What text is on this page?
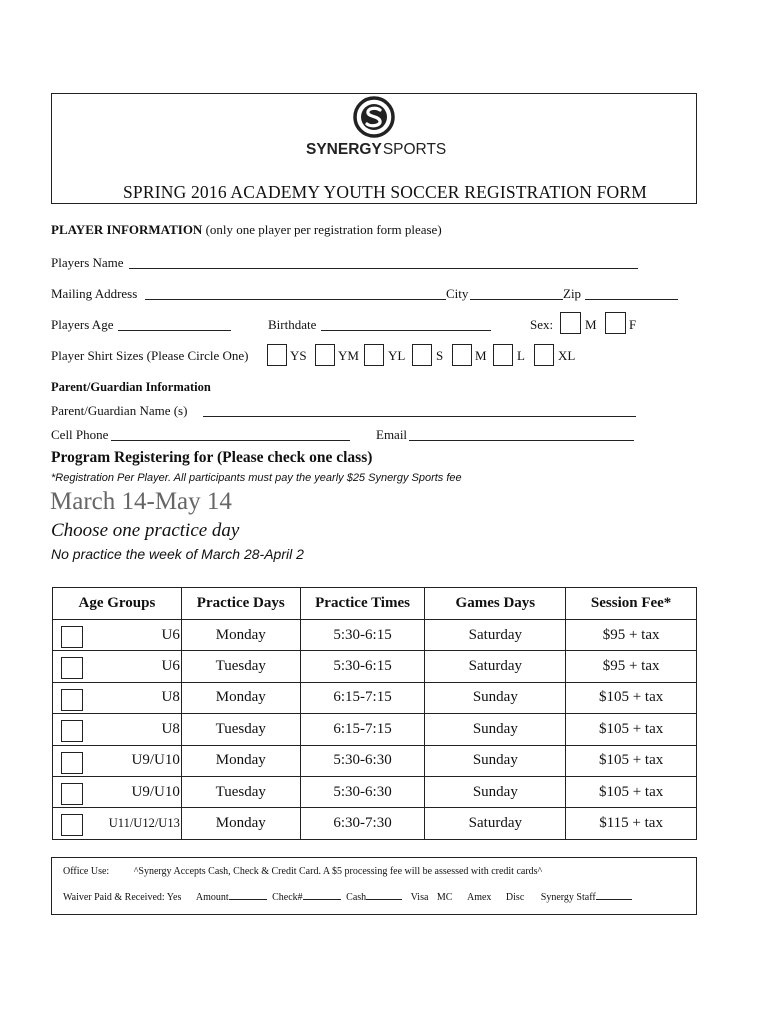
SYNERGYSPORTS
SPRING 2016 ACADEMY YOUTH SOCCER REGISTRATION FORM
PLAYER INFORMATION (only one player per registration form please)
Players Name
Mailing Address	City	Zip
Players Age	Birthdate	Sex: M F
Player Shirt Sizes (Please Circle One)	YS YM YL S M L	XL
Parent/Guardian Information
Parent/Guardian Name (s)
Cell Phone	Email
Program Registering for (Please check one class)
*Registration Per Player. All participants must pay the yearly $25 Synergy Sports fee
March 14-May 14
Choose one practice day
No practice the week of March 28-April 2
Age Groups	Practice Days	Practice Times	Games Days	Session Fee*

U6	Monday	5:30-6:15	Saturday	$95 + tax

U6	Tuesday	5:30-6:15	Saturday	$95 + tax

U8	Monday	6:15-7:15	Sunday	$105 + tax

U8	Tuesday	6:15-7:15	Sunday	$105 + tax

U9/U10	Monday	5:30-6:30	Sunday	$105 + tax

U9/U10	Tuesday	5:30-6:30	Sunday	$105 + tax

U11/U12/U13	Monday	6:30-7:30	Saturday	$115 + tax
Office Use: ^Synergy Accepts Cash, Check & Credit Card. A $5 processing fee will be assessed with credit cards^
Waiver Paid & Received: Yes Amount	Check#	Cash	Visa MC Amex Disc Synergy Staff
